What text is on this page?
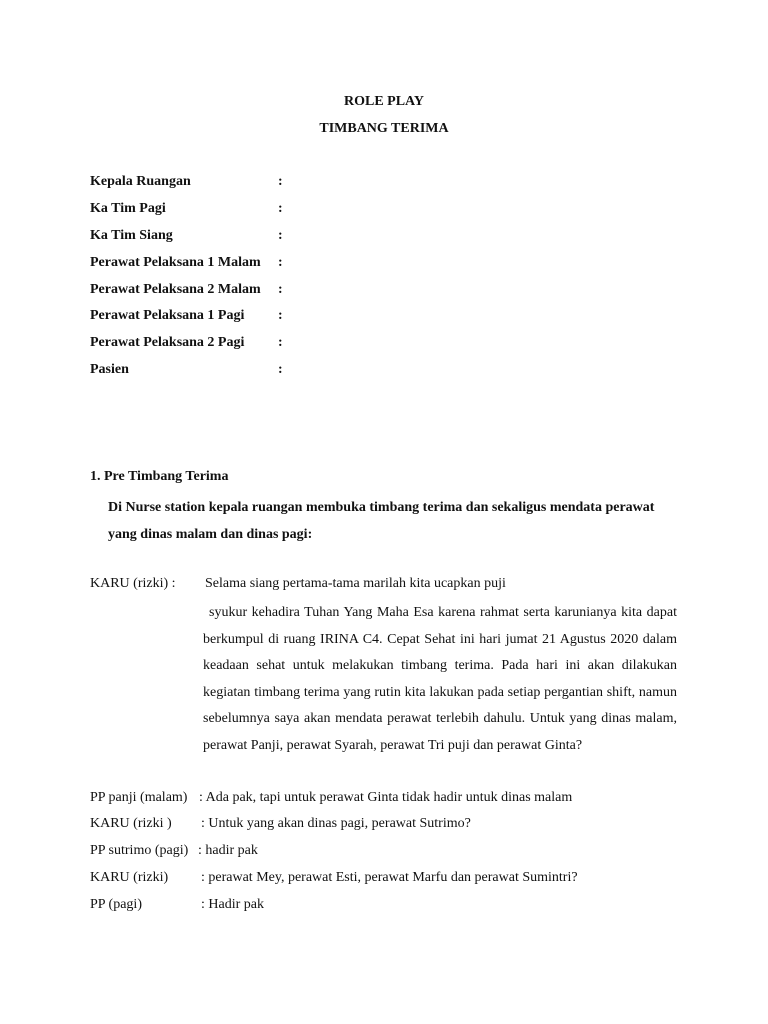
ROLE PLAY
TIMBANG TERIMA
Kepala Ruangan	:
Ka Tim Pagi	:
Ka Tim Siang	:
Perawat Pelaksana 1 Malam :
Perawat Pelaksana 2 Malam :
Perawat Pelaksana 1 Pagi :
Perawat Pelaksana 2 Pagi :
Pasien	:
1. Pre Timbang Terima
Di Nurse station kepala ruangan membuka timbang terima dan sekaligus mendata perawat yang dinas malam dan dinas pagi:
KARU (rizki) : Selama siang pertama-tama marilah kita ucapkan puji
syukur kehadira Tuhan Yang Maha Esa karena rahmat serta karunianya kita dapat berkumpul di ruang IRINA C4. Cepat Sehat ini hari jumat 21 Agustus 2020 dalam keadaan sehat untuk melakukan timbang terima. Pada hari ini akan dilakukan kegiatan timbang terima yang rutin kita lakukan pada setiap pergantian shift, namun sebelumnya saya akan mendata perawat terlebih dahulu. Untuk yang dinas malam, perawat Panji, perawat Syarah, perawat Tri puji dan perawat Ginta?
PP panji (malam) : Ada pak, tapi untuk perawat Ginta tidak hadir untuk dinas malam
KARU (rizki ) : Untuk yang akan dinas pagi, perawat Sutrimo?
PP sutrimo (pagi) : hadir pak
KARU (rizki) : perawat Mey, perawat Esti, perawat Marfu dan perawat Sumintri?
PP (pagi)	: Hadir pak
